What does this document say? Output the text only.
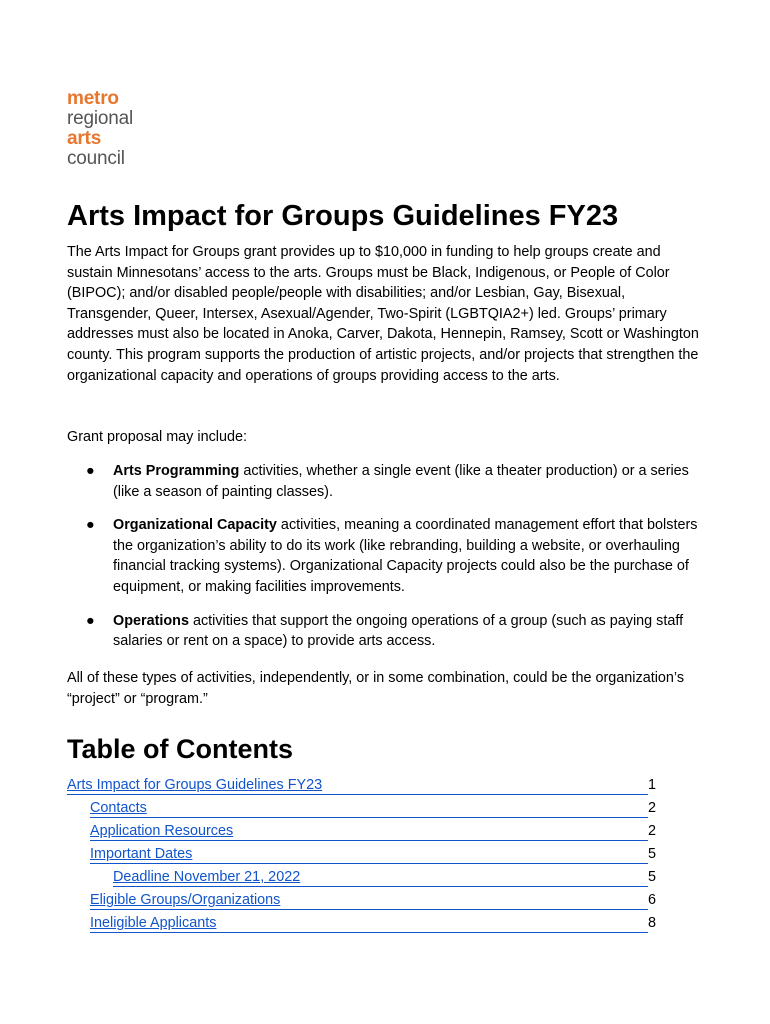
metro
regional
arts
council
Arts Impact for Groups Guidelines FY23

The Arts Impact for Groups grant provides up to $10,000 in funding to help groups create and sustain Minnesotans’ access to the arts. Groups must be Black, Indigenous, or People of Color (BIPOC); and/or disabled people/people with disabilities; and/or Lesbian, Gay, Bisexual, Transgender, Queer, Intersex, Asexual/Agender, Two-Spirit (LGBTQIA2+) led. Groups’ primary addresses must also be located in Anoka, Carver, Dakota, Hennepin, Ramsey, Scott or Washington county. This program supports the production of artistic projects, and/or projects that strengthen the organizational capacity and operations of groups providing access to the arts.

Grant proposal may include:

● Arts Programming activities, whether a single event (like a theater production) or a series (like a season of painting classes).
● Organizational Capacity activities, meaning a coordinated management effort that bolsters the organization’s ability to do its work (like rebranding, building a website, or overhauling financial tracking systems). Organizational Capacity projects could also be the purchase of equipment, or making facilities improvements.
● Operations activities that support the ongoing operations of a group (such as paying staff salaries or rent on a space) to provide arts access.

All of these types of activities, independently, or in some combination, could be the organization’s “project” or “program.”

Table of Contents
Arts Impact for Groups Guidelines FY23	1
Contacts	2
Application Resources	2
Important Dates	5
Deadline November 21, 2022	5
Eligible Groups/Organizations	6
Ineligible Applicants	8
